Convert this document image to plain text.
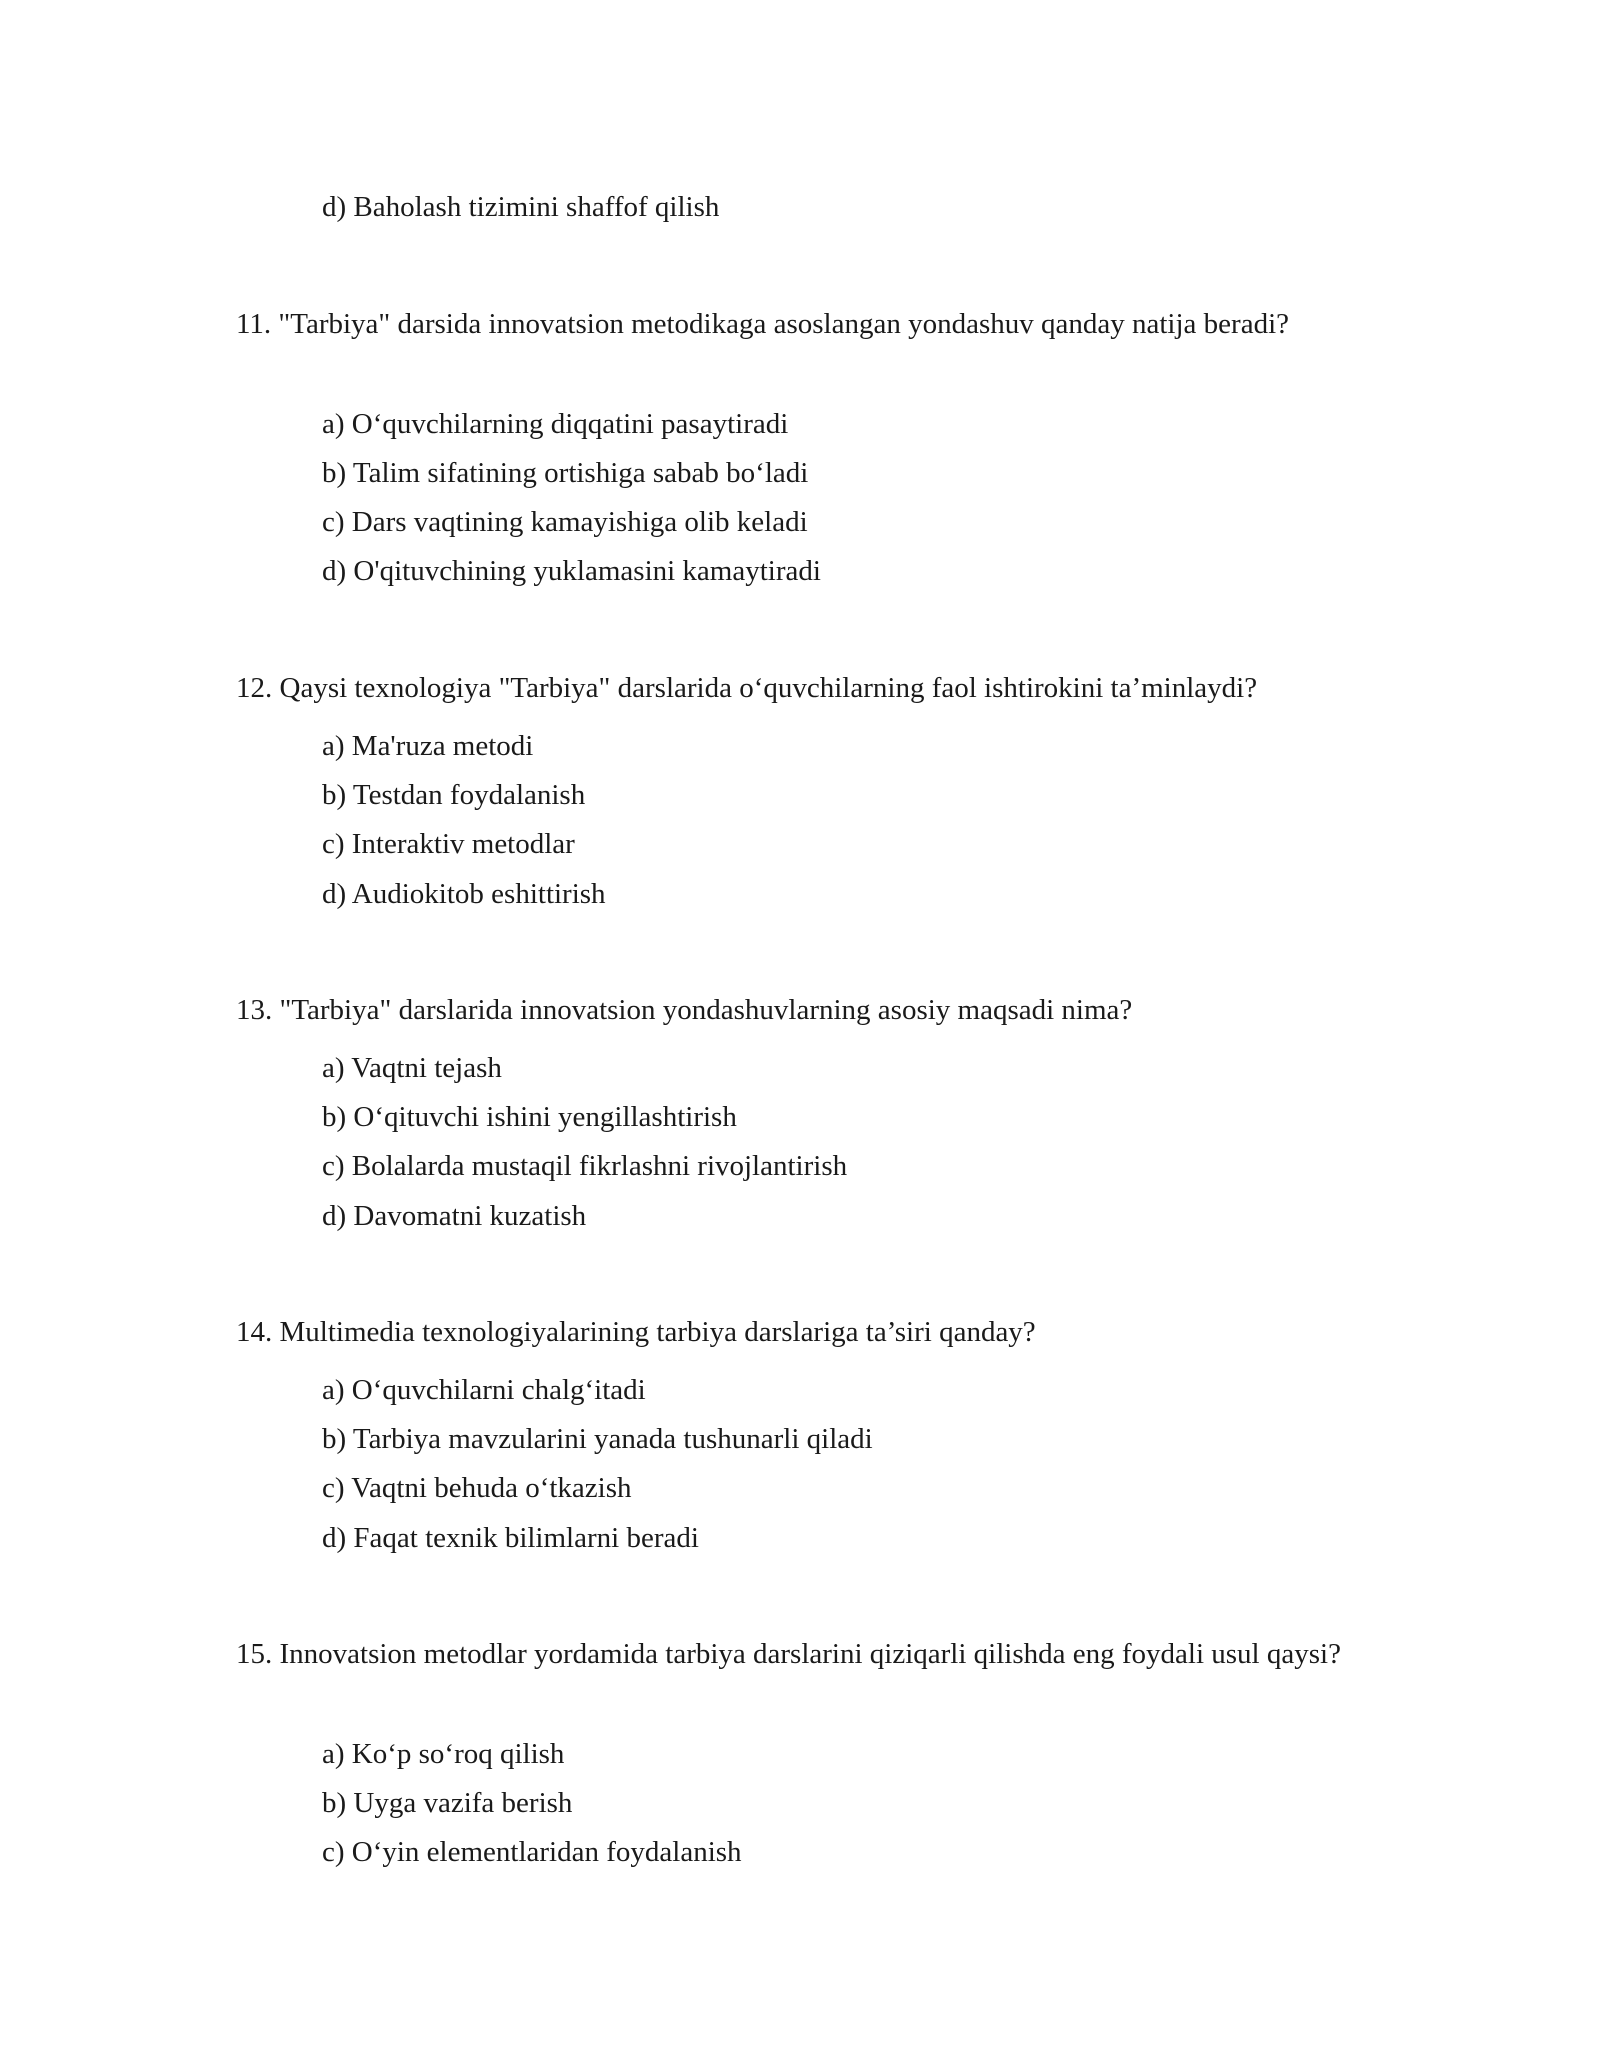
d) Baholash tizimini shaffof qilish

11. "Tarbiya" darsida innovatsion metodikaga asoslangan yondashuv qanday natija beradi?

a) O‘quvchilarning diqqatini pasaytiradi

b) Talim sifatining ortishiga sabab bo‘ladi

c) Dars vaqtining kamayishiga olib keladi

d) O'qituvchining yuklamasini kamaytiradi

12. Qaysi texnologiya "Tarbiya" darslarida o‘quvchilarning faol ishtirokini ta’minlaydi?

a) Ma'ruza metodi

b) Testdan foydalanish

c) Interaktiv metodlar

d) Audiokitob eshittirish

13. "Tarbiya" darslarida innovatsion yondashuvlarning asosiy maqsadi nima?

a) Vaqtni tejash

b) O‘qituvchi ishini yengillashtirish

c) Bolalarda mustaqil fikrlashni rivojlantirish

d) Davomatni kuzatish

14. Multimedia texnologiyalarining tarbiya darslariga ta’siri qanday?

a) O‘quvchilarni chalg‘itadi

b) Tarbiya mavzularini yanada tushunarli qiladi

c) Vaqtni behuda o‘tkazish

d) Faqat texnik bilimlarni beradi

15. Innovatsion metodlar yordamida tarbiya darslarini qiziqarli qilishda eng foydali usul qaysi?

a) Ko‘p so‘roq qilish

b) Uyga vazifa berish

c) O‘yin elementlaridan foydalanish
